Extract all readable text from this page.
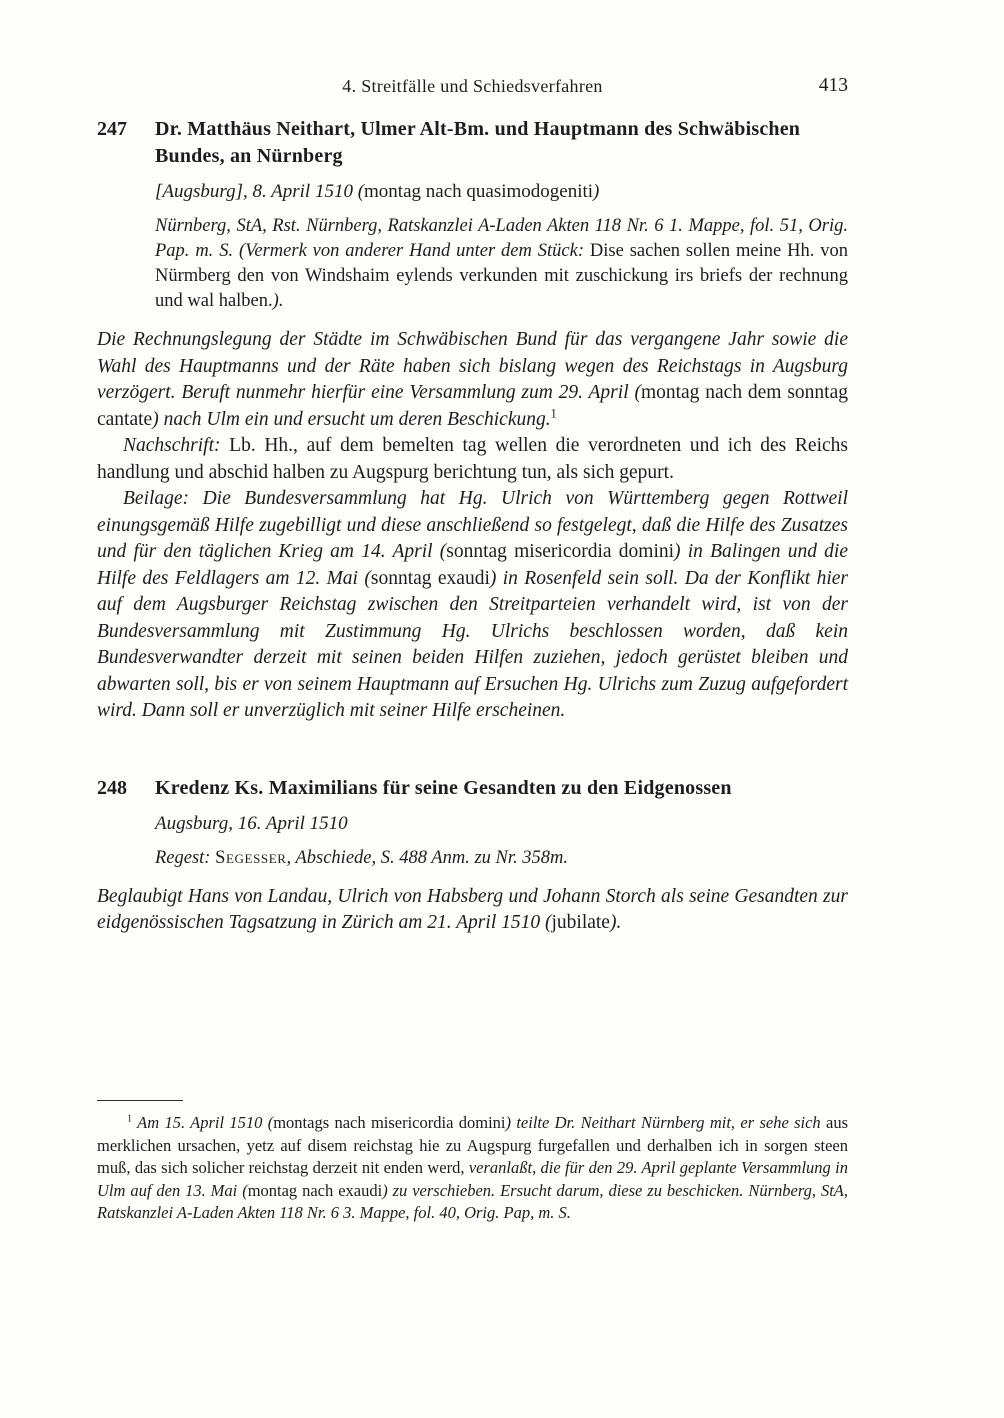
4. Streitfälle und Schiedsverfahren	413
247	Dr. Matthäus Neithart, Ulmer Alt-Bm. und Hauptmann des Schwäbischen Bundes, an Nürnberg

[Augsburg], 8. April 1510 (montag nach quasimodogeniti)

Nürnberg, StA, Rst. Nürnberg, Ratskanzlei A-Laden Akten 118 Nr. 6 1. Mappe, fol. 51, Orig. Pap. m. S. (Vermerk von anderer Hand unter dem Stück: Dise sachen sollen meine Hh. von Nürmberg den von Windshaim eylends verkunden mit zuschickung irs briefs der rechnung und wal halben.).

Die Rechnungslegung der Städte im Schwäbischen Bund für das vergangene Jahr sowie die Wahl des Hauptmanns und der Räte haben sich bislang wegen des Reichstags in Augsburg verzögert. Beruft nunmehr hierfür eine Versammlung zum 29. April (montag nach dem sonntag cantate) nach Ulm ein und ersucht um deren Beschickung.$^1$

Nachschrift: Lb. Hh., auf dem bemelten tag wellen die verordneten und ich des Reichs handlung und abschid halben zu Augspurg berichtung tun, als sich gepurt.

Beilage: Die Bundesversammlung hat Hg. Ulrich von Württemberg gegen Rottweil einungsgemäß Hilfe zugebilligt und diese anschließend so festgelegt, daß die Hilfe des Zusatzes und für den täglichen Krieg am 14. April (sonntag misericordia domini) in Balingen und die Hilfe des Feldlagers am 12. Mai (sonntag exaudi) in Rosenfeld sein soll. Da der Konflikt hier auf dem Augsburger Reichstag zwischen den Streitparteien verhandelt wird, ist von der Bundesversammlung mit Zustimmung Hg. Ulrichs beschlossen worden, daß kein Bundesverwandter derzeit mit seinen beiden Hilfen zuziehen, jedoch gerüstet bleiben und abwarten soll, bis er von seinem Hauptmann auf Ersuchen Hg. Ulrichs zum Zuzug aufgefordert wird. Dann soll er unverzüglich mit seiner Hilfe erscheinen.

248	Kredenz Ks. Maximilians für seine Gesandten zu den Eidgenossen

Augsburg, 16. April 1510

Regest: Segesser, Abschiede, S. 488 Anm. zu Nr. 358m.

Beglaubigt Hans von Landau, Ulrich von Habsberg und Johann Storch als seine Gesandten zur eidgenössischen Tagsatzung in Zürich am 21. April 1510 (jubilate).

$^1$ Am 15. April 1510 (montags nach misericordia domini) teilte Dr. Neithart Nürnberg mit, er sehe sich aus merklichen ursachen, yetz auf disem reichstag hie zu Augspurg furgefallen und derhalben ich in sorgen steen muß, das sich solicher reichstag derzeit nit enden werd, veranlaßt, die für den 29. April geplante Versammlung in Ulm auf den 13. Mai (montag nach exaudi) zu verschieben. Ersucht darum, diese zu beschicken. Nürnberg, StA, Ratskanzlei A-Laden Akten 118 Nr. 6 3. Mappe, fol. 40, Orig. Pap, m. S.
